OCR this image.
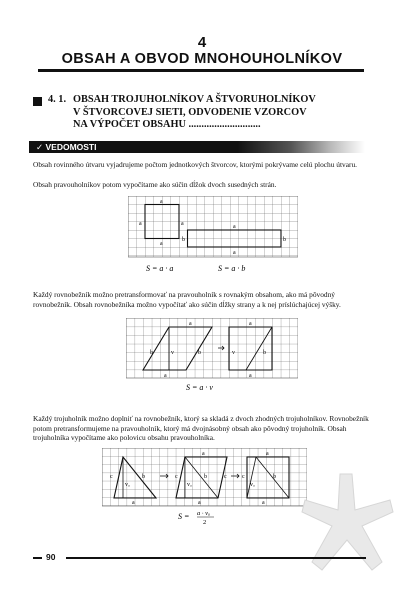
4
OBSAH A OBVOD MNOHOUHOLNÍKOV
4. 1. OBSAH TROJUHOLNÍKOV A ŠTVORUHOLNÍKOV
V ŠTVORCOVEJ SIETI, ODVODENIE VZORCOV
NA VÝPOČET OBSAHU ............................
✓ VEDOMOSTI
Obsah rovinného útvaru vyjadrujeme počtom jednotkových štvorcov, ktorými pokrývame celú plochu útvaru.
Obsah pravouholníkov potom vypočítame ako súčin dĺžok dvoch susedných strán.
a
a	a
a
a
b	b
a
S = a · a	S = a · b
Každý rovnobežník možno pretransformovať na pravouholník s rovnakým obsahom, ako má pôvodný rovnobežník. Obsah rovnobežníka možno vypočítať ako súčin dĺžky strany a k nej príslúchajúcej výšky.
a
b	v	b
a
a
v	b
a
S = a · v
Každý trojuholník možno doplniť na rovnobežník, ktorý sa skladá z dvoch zhodných trojuholníkov. Rovnobežník potom pretransformujeme na pravouholník, ktorý má dvojnásobný obsah ako pôvodný trojuholník. Obsah trojuholníka vypočítame ako polovicu obsahu pravouholníka.
c	b
vₐ
a
a
c
vₐ
b	c
a
a
c
vₐ
b
a
S = a · vₐ
2
90
